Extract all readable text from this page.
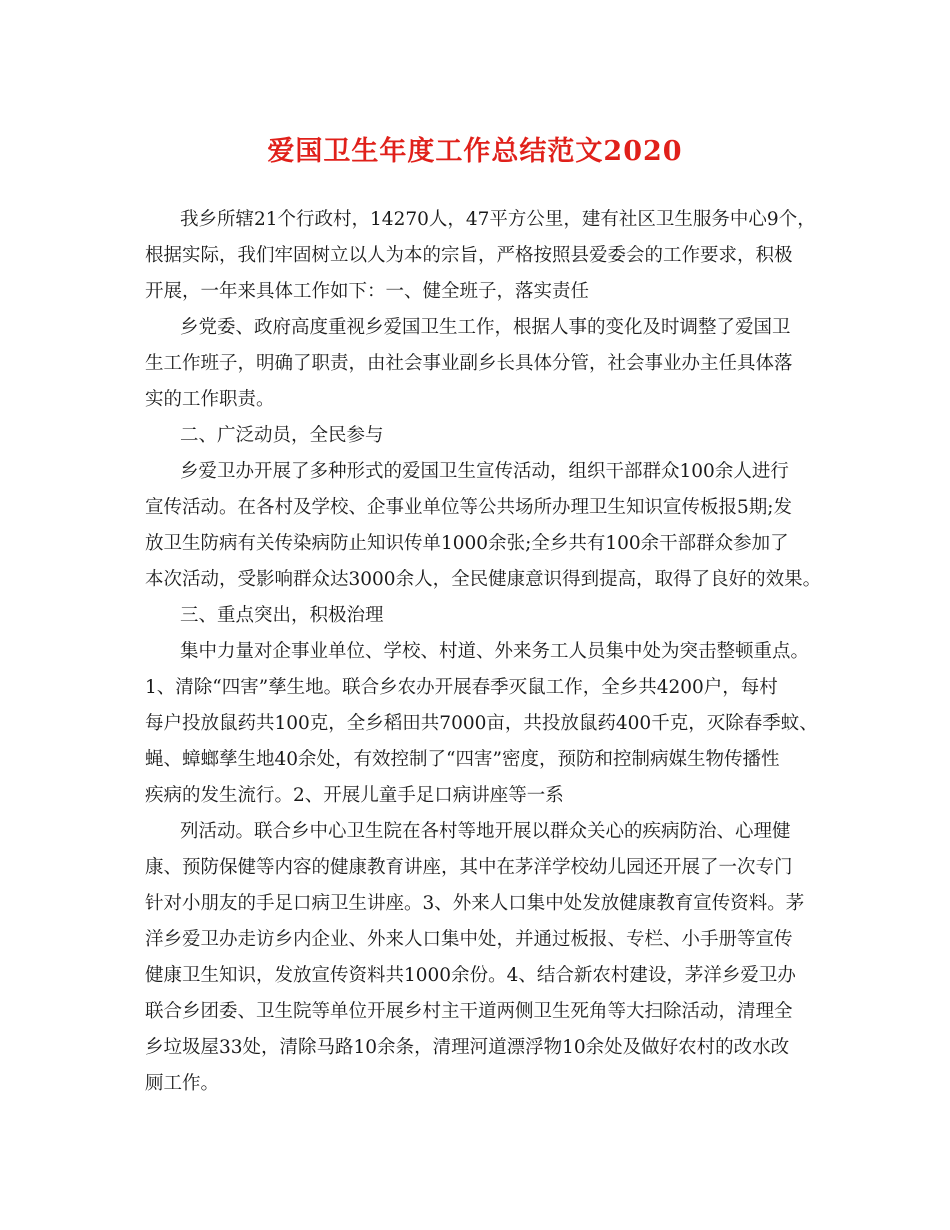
爱国卫生年度工作总结范文2020
我乡所辖21个行政村，14270人，47平方公里，建有社区卫生服务中心9个，
根据实际，我们牢固树立以人为本的宗旨，严格按照县爱委会的工作要求，积极
开展，一年来具体工作如下：一、健全班子，落实责任
乡党委、政府高度重视乡爱国卫生工作，根据人事的变化及时调整了爱国卫
生工作班子，明确了职责，由社会事业副乡长具体分管，社会事业办主任具体落
实的工作职责。
二、广泛动员，全民参与
乡爱卫办开展了多种形式的爱国卫生宣传活动，组织干部群众100余人进行
宣传活动。在各村及学校、企事业单位等公共场所办理卫生知识宣传板报5期;发
放卫生防病有关传染病防止知识传单1000余张;全乡共有100余干部群众参加了
本次活动，受影响群众达3000余人，全民健康意识得到提高，取得了良好的效果。
三、重点突出，积极治理
集中力量对企事业单位、学校、村道、外来务工人员集中处为突击整顿重点。
1、清除“四害”孳生地。联合乡农办开展春季灭鼠工作，全乡共4200户，每村
每户投放鼠药共100克，全乡稻田共7000亩，共投放鼠药400千克，灭除春季蚊、
蝇、蟑螂孳生地40余处，有效控制了“四害”密度，预防和控制病媒生物传播性
疾病的发生流行。2、开展儿童手足口病讲座等一系
列活动。联合乡中心卫生院在各村等地开展以群众关心的疾病防治、心理健
康、预防保健等内容的健康教育讲座，其中在茅洋学校幼儿园还开展了一次专门
针对小朋友的手足口病卫生讲座。3、外来人口集中处发放健康教育宣传资料。茅
洋乡爱卫办走访乡内企业、外来人口集中处，并通过板报、专栏、小手册等宣传
健康卫生知识，发放宣传资料共1000余份。4、结合新农村建设，茅洋乡爱卫办
联合乡团委、卫生院等单位开展乡村主干道两侧卫生死角等大扫除活动，清理全
乡垃圾屋33处，清除马路10余条，清理河道漂浮物10余处及做好农村的改水改
厕工作。
